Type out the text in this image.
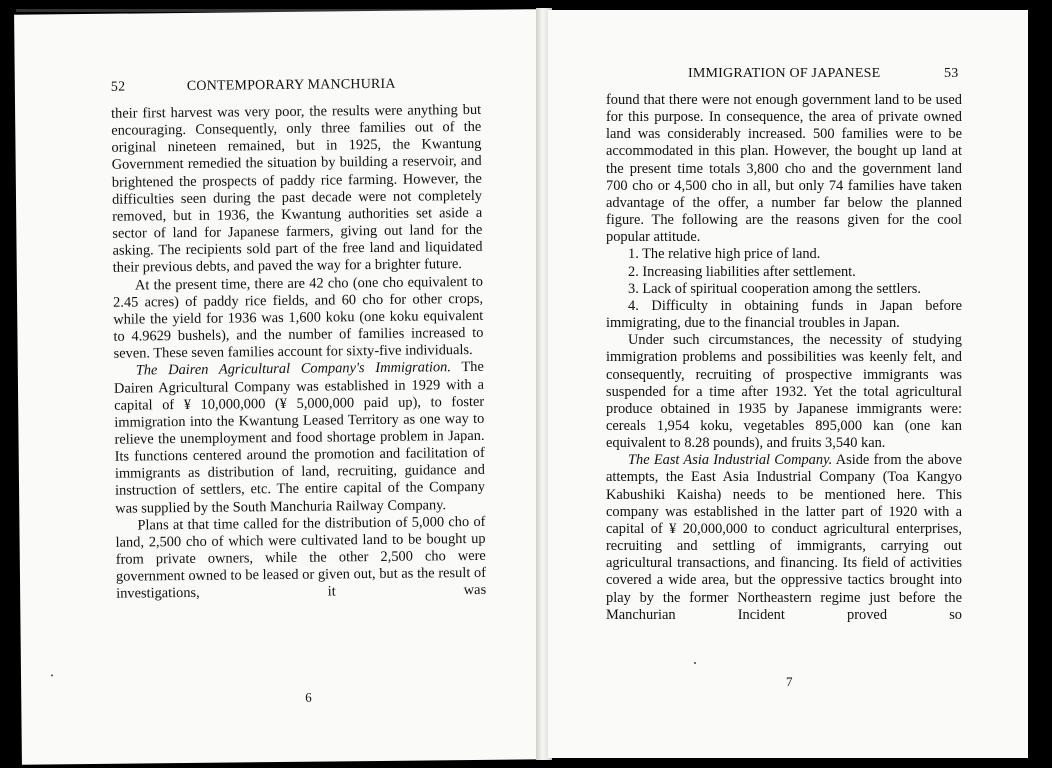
52	CONTEMPORARY MANCHURIA

their first harvest was very poor, the results were anything but encouraging. Consequently, only three families out of the original nineteen remained, but in 1925, the Kwantung Government remedied the situation by building a reservoir, and brightened the prospects of paddy rice farming. However, the difficulties seen during the past decade were not completely removed, but in 1936, the Kwantung authorities set aside a sector of land for Japanese farmers, giving out land for the asking. The recipients sold part of the free land and liquidated their previous debts, and paved the way for a brighter future.

At the present time, there are 42 cho (one cho equivalent to 2.45 acres) of paddy rice fields, and 60 cho for other crops, while the yield for 1936 was 1,600 koku (one koku equivalent to 4.9629 bushels), and the number of families increased to seven. These seven families account for sixty-five individuals.

The Dairen Agricultural Company's Immigration. The Dairen Agricultural Company was established in 1929 with a capital of ¥ 10,000,000 (¥ 5,000,000 paid up), to foster immigration into the Kwantung Leased Territory as one way to relieve the unemployment and food shortage problem in Japan. Its functions centered around the promotion and facilitation of immigrants as distribution of land, recruiting, guidance and instruction of settlers, etc. The entire capital of the Company was supplied by the South Manchuria Railway Company.

Plans at that time called for the distribution of 5,000 cho of land, 2,500 cho of which were cultivated land to be bought up from private owners, while the other 2,500 cho were government owned to be leased or given out, but as the result of investigations, it was

6
IMMIGRATION OF JAPANESE	53

found that there were not enough government land to be used for this purpose. In consequence, the area of private owned land was considerably increased. 500 families were to be accommodated in this plan. However, the bought up land at the present time totals 3,800 cho and the government land 700 cho or 4,500 cho in all, but only 74 families have taken advantage of the offer, a number far below the planned figure. The following are the reasons given for the cool popular attitude.

1. The relative high price of land.

2. Increasing liabilities after settlement.

3. Lack of spiritual cooperation among the settlers.

4. Difficulty in obtaining funds in Japan before immigrating, due to the financial troubles in Japan.

Under such circumstances, the necessity of studying immigration problems and possibilities was keenly felt, and consequently, recruiting of prospective immigrants was suspended for a time after 1932. Yet the total agricultural produce obtained in 1935 by Japanese immigrants were: cereals 1,954 koku, vegetables 895,000 kan (one kan equivalent to 8.28 pounds), and fruits 3,540 kan.

The East Asia Industrial Company. Aside from the above attempts, the East Asia Industrial Company (Toa Kangyo Kabushiki Kaisha) needs to be mentioned here. This company was established in the latter part of 1920 with a capital of ¥ 20,000,000 to conduct agricultural enterprises, recruiting and settling of immigrants, carrying out agricultural transactions, and financing. Its field of activities covered a wide area, but the oppressive tactics brought into play by the former Northeastern regime just before the Manchurian Incident proved so

7
